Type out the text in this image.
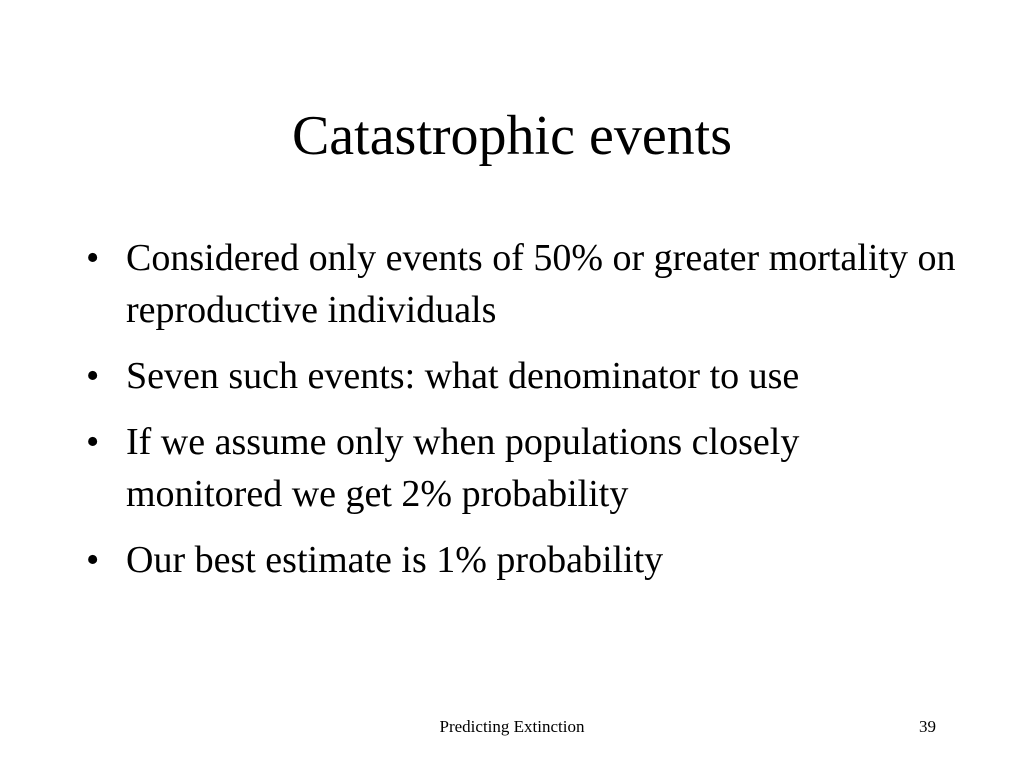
Catastrophic events
• Considered only events of 50% or greater mortality on reproductive individuals
• Seven such events: what denominator to use
• If we assume only when populations closely monitored we get 2% probability
• Our best estimate is 1% probability
Predicting Extinction	39
